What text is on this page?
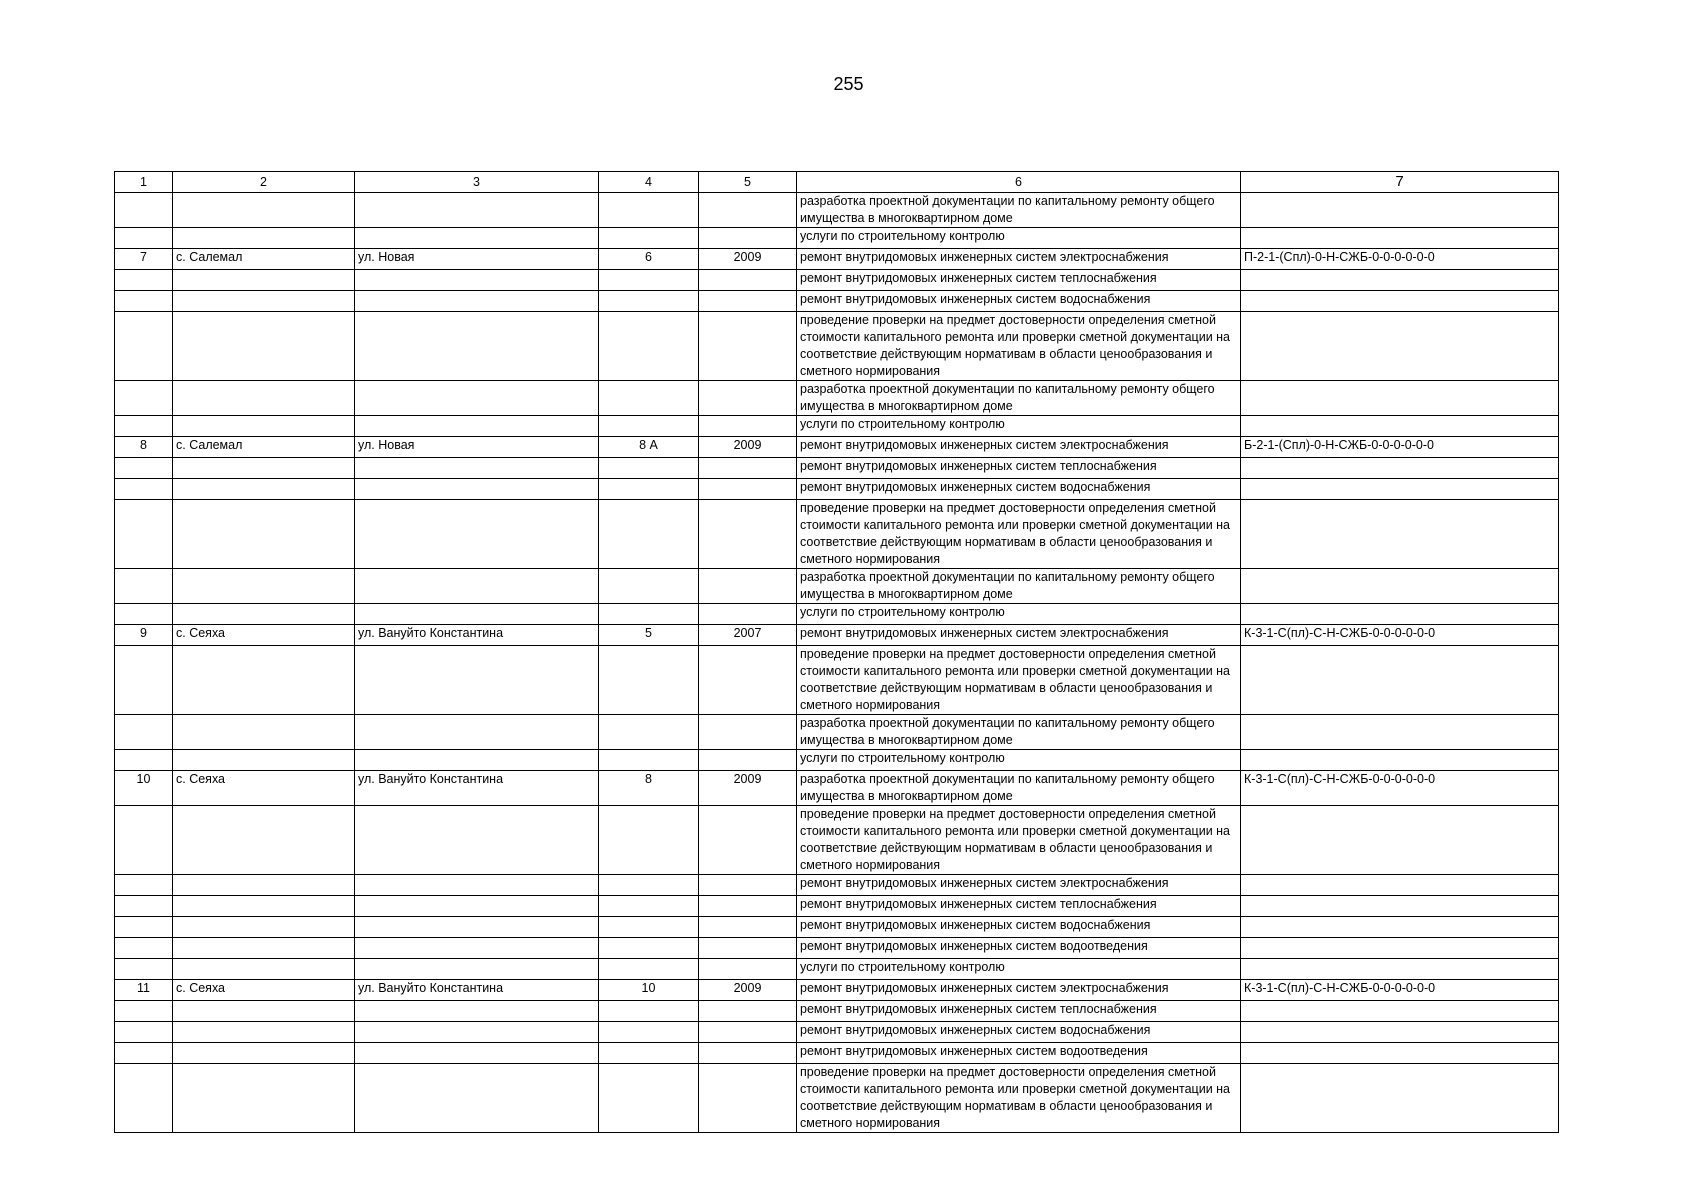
255
1	2	3	4	5	6	7
					разработка проектной документации по капитальному ремонту общего имущества в многоквартирном доме	
					услуги по строительному контролю	
7	с. Салемал	ул. Новая	6	2009	ремонт внутридомовых инженерных систем электроснабжения	П-2-1-(Спл)-0-Н-СЖБ-0-0-0-0-0-0
					ремонт внутридомовых инженерных систем теплоснабжения	
					ремонт внутридомовых инженерных систем водоснабжения	
					проведение проверки на предмет достоверности определения сметной стоимости капитального ремонта или проверки сметной документации на соответствие действующим нормативам в области ценообразования и сметного нормирования	
					разработка проектной документации по капитальному ремонту общего имущества в многоквартирном доме	
					услуги по строительному контролю	
8	с. Салемал	ул. Новая	8 А	2009	ремонт внутридомовых инженерных систем электроснабжения	Б-2-1-(Спл)-0-Н-СЖБ-0-0-0-0-0-0
					ремонт внутридомовых инженерных систем теплоснабжения	
					ремонт внутридомовых инженерных систем водоснабжения	
					проведение проверки на предмет достоверности определения сметной стоимости капитального ремонта или проверки сметной документации на соответствие действующим нормативам в области ценообразования и сметного нормирования	
					разработка проектной документации по капитальному ремонту общего имущества в многоквартирном доме	
					услуги по строительному контролю	
9	с. Сеяха	ул. Вануйто Константина	5	2007	ремонт внутридомовых инженерных систем электроснабжения	К-3-1-С(пл)-С-Н-СЖБ-0-0-0-0-0-0
					проведение проверки на предмет достоверности определения сметной стоимости капитального ремонта или проверки сметной документации на соответствие действующим нормативам в области ценообразования и сметного нормирования	
					разработка проектной документации по капитальному ремонту общего имущества в многоквартирном доме	
					услуги по строительному контролю	
10	с. Сеяха	ул. Вануйто Константина	8	2009	разработка проектной документации по капитальному ремонту общего имущества в многоквартирном доме	К-3-1-С(пл)-С-Н-СЖБ-0-0-0-0-0-0
					проведение проверки на предмет достоверности определения сметной стоимости капитального ремонта или проверки сметной документации на соответствие действующим нормативам в области ценообразования и сметного нормирования	
					ремонт внутридомовых инженерных систем электроснабжения	
					ремонт внутридомовых инженерных систем теплоснабжения	
					ремонт внутридомовых инженерных систем водоснабжения	
					ремонт внутридомовых инженерных систем водоотведения	
					услуги по строительному контролю	
11	с. Сеяха	ул. Вануйто Константина	10	2009	ремонт внутридомовых инженерных систем электроснабжения	К-3-1-С(пл)-С-Н-СЖБ-0-0-0-0-0-0
					ремонт внутридомовых инженерных систем теплоснабжения	
					ремонт внутридомовых инженерных систем водоснабжения	
					ремонт внутридомовых инженерных систем водоотведения	
					проведение проверки на предмет достоверности определения сметной стоимости капитального ремонта или проверки сметной документации на соответствие действующим нормативам в области ценообразования и сметного нормирования	
